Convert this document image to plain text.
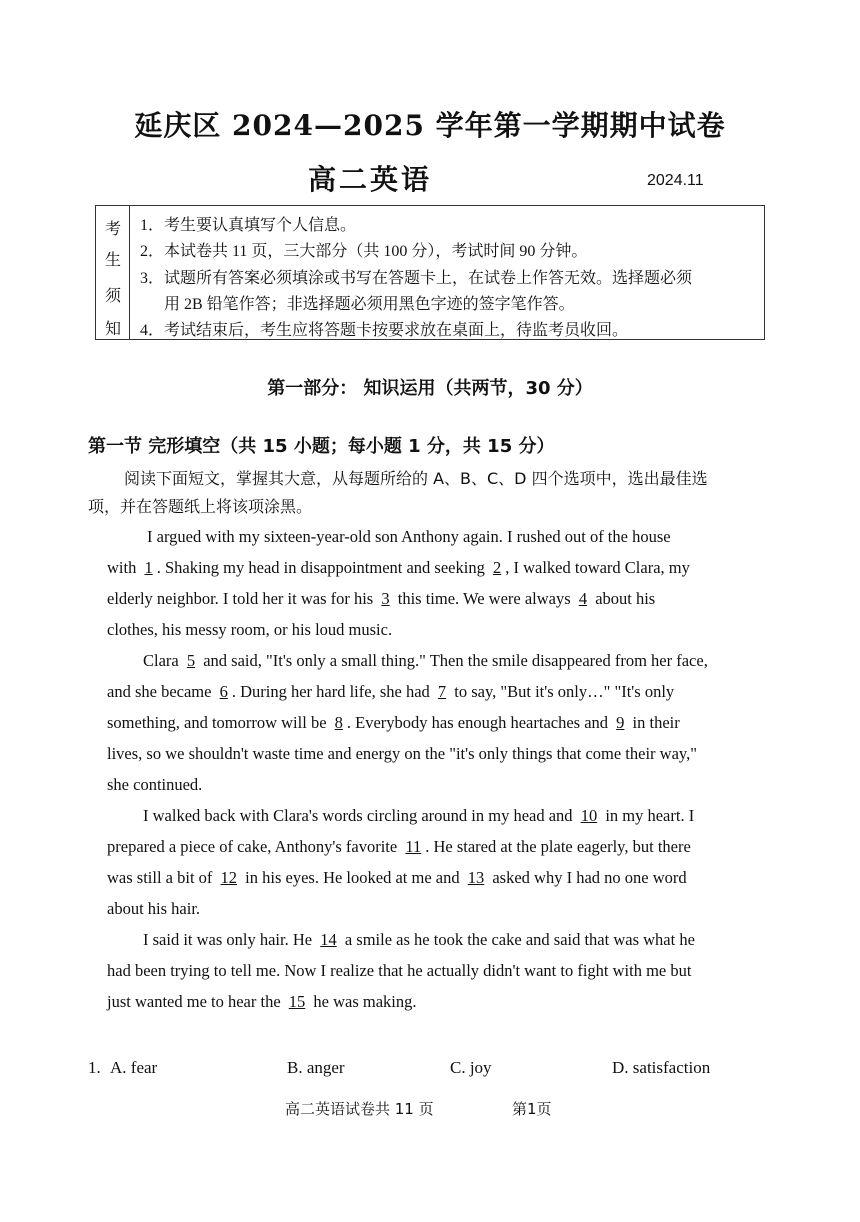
延庆区 2024—2025 学年第一学期期中试卷
高二英语	2024.11
考
生
须
知
1．考生要认真填写个人信息。
2．本试卷共 11 页，三大部分（共 100 分），考试时间 90 分钟。
3．试题所有答案必须填涂或书写在答题卡上，在试卷上作答无效。选择题必须
用 2B 铅笔作答；非选择题必须用黑色字迹的签字笔作答。
4．考试结束后，考生应将答题卡按要求放在桌面上，待监考员收回。
第一部分： 知识运用（共两节，30 分）
第一节 完形填空（共 15 小题；每小题 1 分，共 15 分）
阅读下面短文，掌握其大意，从每题所给的 A、B、C、D 四个选项中，选出最佳选
项，并在答题纸上将该项涂黑。
I argued with my sixteen-year-old son Anthony again. I rushed out of the house
with 1 . Shaking my head in disappointment and seeking 2 , I walked toward Clara, my
elderly neighbor. I told her it was for his 3 this time. We were always 4 about his
clothes, his messy room, or his loud music.
Clara 5 and said, "It's only a small thing." Then the smile disappeared from her face,
and she became 6 . During her hard life, she had 7 to say, "But it's only…" "It's only
something, and tomorrow will be 8 . Everybody has enough heartaches and 9 in their
lives, so we shouldn't waste time and energy on the "it's only things that come their way,"
she continued.
I walked back with Clara's words circling around in my head and 10 in my heart. I
prepared a piece of cake, Anthony's favorite 11 . He stared at the plate eagerly, but there
was still a bit of 12 in his eyes. He looked at me and 13 asked why I had no one word
about his hair.
I said it was only hair. He 14 a smile as he took the cake and said that was what he
had been trying to tell me. Now I realize that he actually didn't want to fight with me but
just wanted me to hear the 15 he was making.
1. A. fear	B. anger	C. joy	D. satisfaction
高二英语试卷共 11 页	第1页
